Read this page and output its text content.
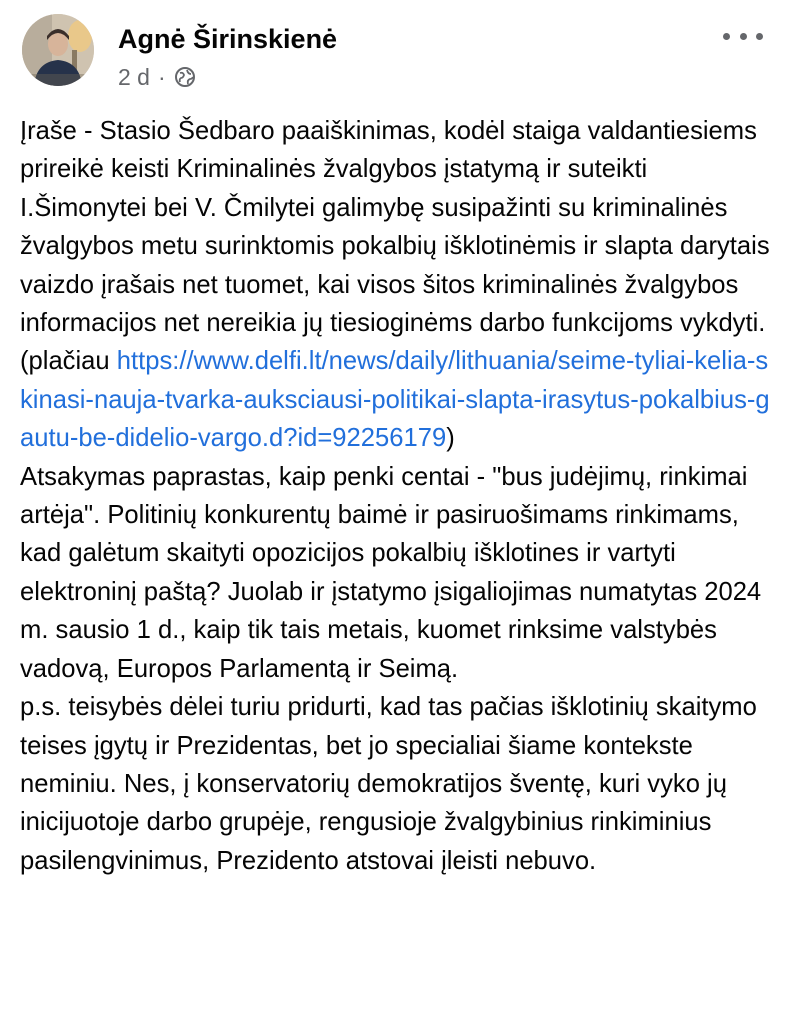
Agnė Širinskienė
2 d ·

Įraše - Stasio Šedbaro paaiškinimas, kodėl staiga valdantiesiems prireikė keisti Kriminalinės žvalgybos įstatymą ir suteikti I.Šimonytei bei V. Čmilytei galimybę susipažinti su kriminalinės žvalgybos metu surinktomis pokalbių išklotinėmis ir slapta darytais vaizdo įrašais net tuomet, kai visos šitos kriminalinės žvalgybos informacijos net nereikia jų tiesioginėms darbo funkcijoms vykdyti. (plačiau https://www.delfi.lt/news/daily/lithuania/seime-tyliai-kelia-skinasi-nauja-tvarka-auksciausi-politikai-slapta-irasytus-pokalbius-gautu-be-didelio-vargo.d?id=92256179)

Atsakymas paprastas, kaip penki centai - "bus judėjimų, rinkimai artėja". Politinių konkurentų baimė ir pasiruošimams rinkimams, kad galėtum skaityti opozicijos pokalbių išklotines ir vartyti elektroninį paštą? Juolab ir įstatymo įsigaliojimas numatytas 2024 m. sausio 1 d., kaip tik tais metais, kuomet rinksime valstybės vadovą, Europos Parlamentą ir Seimą.

p.s. teisybės dėlei turiu pridurti, kad tas pačias išklotinių skaitymo teises įgytų ir Prezidentas, bet jo specialiai šiame kontekste neminiu. Nes, į konservatorių demokratijos šventę, kuri vyko jų inicijuotoje darbo grupėje, rengusioje žvalgybinius rinkiminius pasilengvinimus, Prezidento atstovai įleisti nebuvo.
